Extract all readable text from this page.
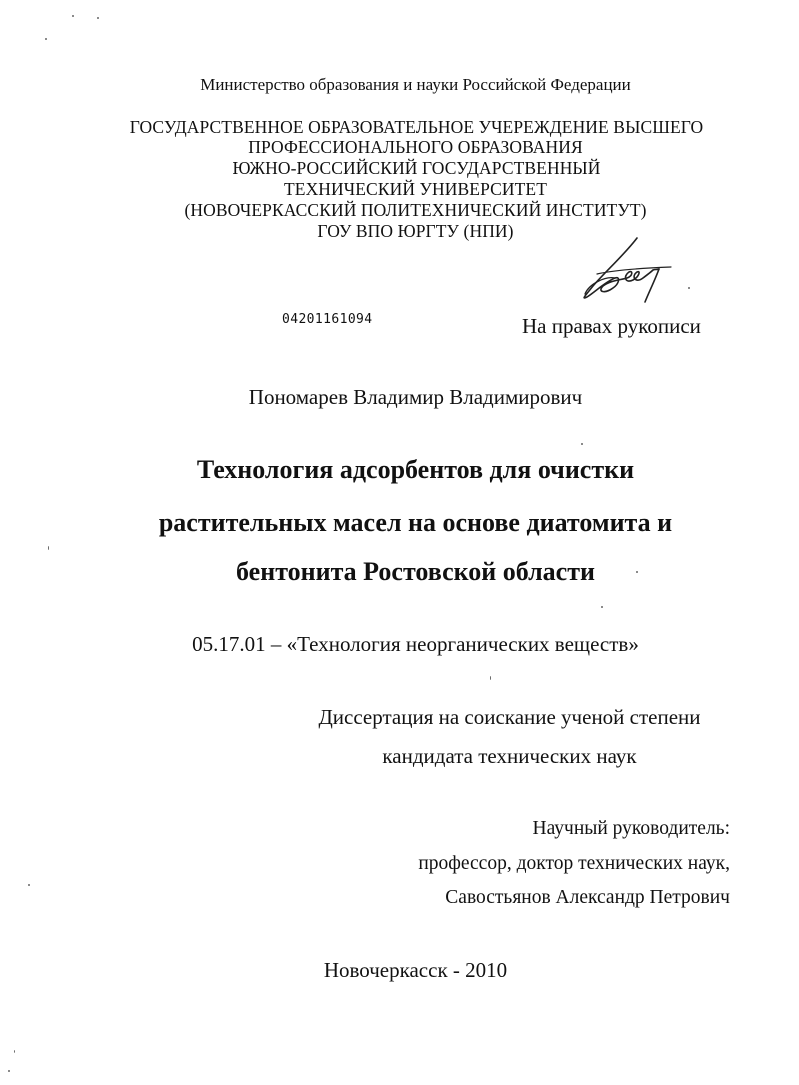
Министерство образования и науки Российской Федерации
ГОСУДАРСТВЕННОЕ ОБРАЗОВАТЕЛЬНОЕ УЧЕРЕЖДЕНИЕ ВЫСШЕГО
ПРОФЕССИОНАЛЬНОГО ОБРАЗОВАНИЯ
ЮЖНО-РОССИЙСКИЙ ГОСУДАРСТВЕННЫЙ
ТЕХНИЧЕСКИЙ УНИВЕРСИТЕТ
(НОВОЧЕРКАССКИЙ ПОЛИТЕХНИЧЕСКИЙ ИНСТИТУТ)
ГОУ ВПО ЮРГТУ (НПИ)
04201161094	На правах рукописи
Пономарев Владимир Владимирович
Технология адсорбентов для очистки
растительных масел на основе диатомита и
бентонита Ростовской области
05.17.01 – «Технология неорганических веществ»
Диссертация на соискание ученой степени
кандидата технических наук
Научный руководитель:
профессор, доктор технических наук,
Савостьянов Александр Петрович
Новочеркасск - 2010
